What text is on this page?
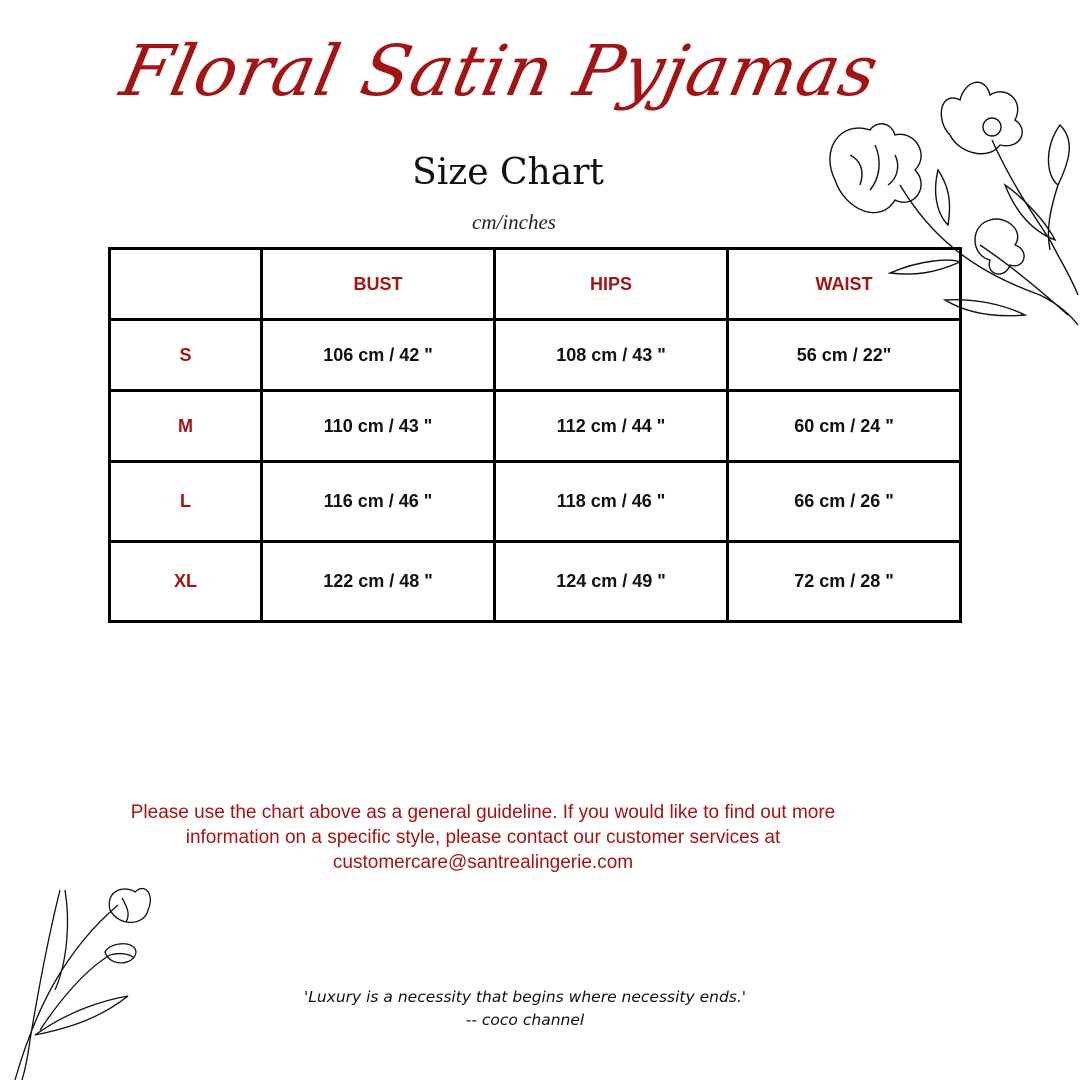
Floral Satin Pyjamas
Size Chart
cm/inches
	BUST	HIPS	WAIST
S	106 cm / 42 "	108 cm / 43 "	56 cm / 22"
M	110 cm / 43 "	112 cm / 44 "	60 cm / 24 "
L	116 cm / 46 "	118 cm / 46 "	66 cm / 26 "
XL	122 cm / 48 "	124 cm / 49 "	72 cm / 28 "
Please use the chart above as a general guideline. If you would like to find out more information on a specific style, please contact our customer services at customercare@santrealingerie.com
'Luxury is a necessity that begins where necessity ends.'
-- coco channel
